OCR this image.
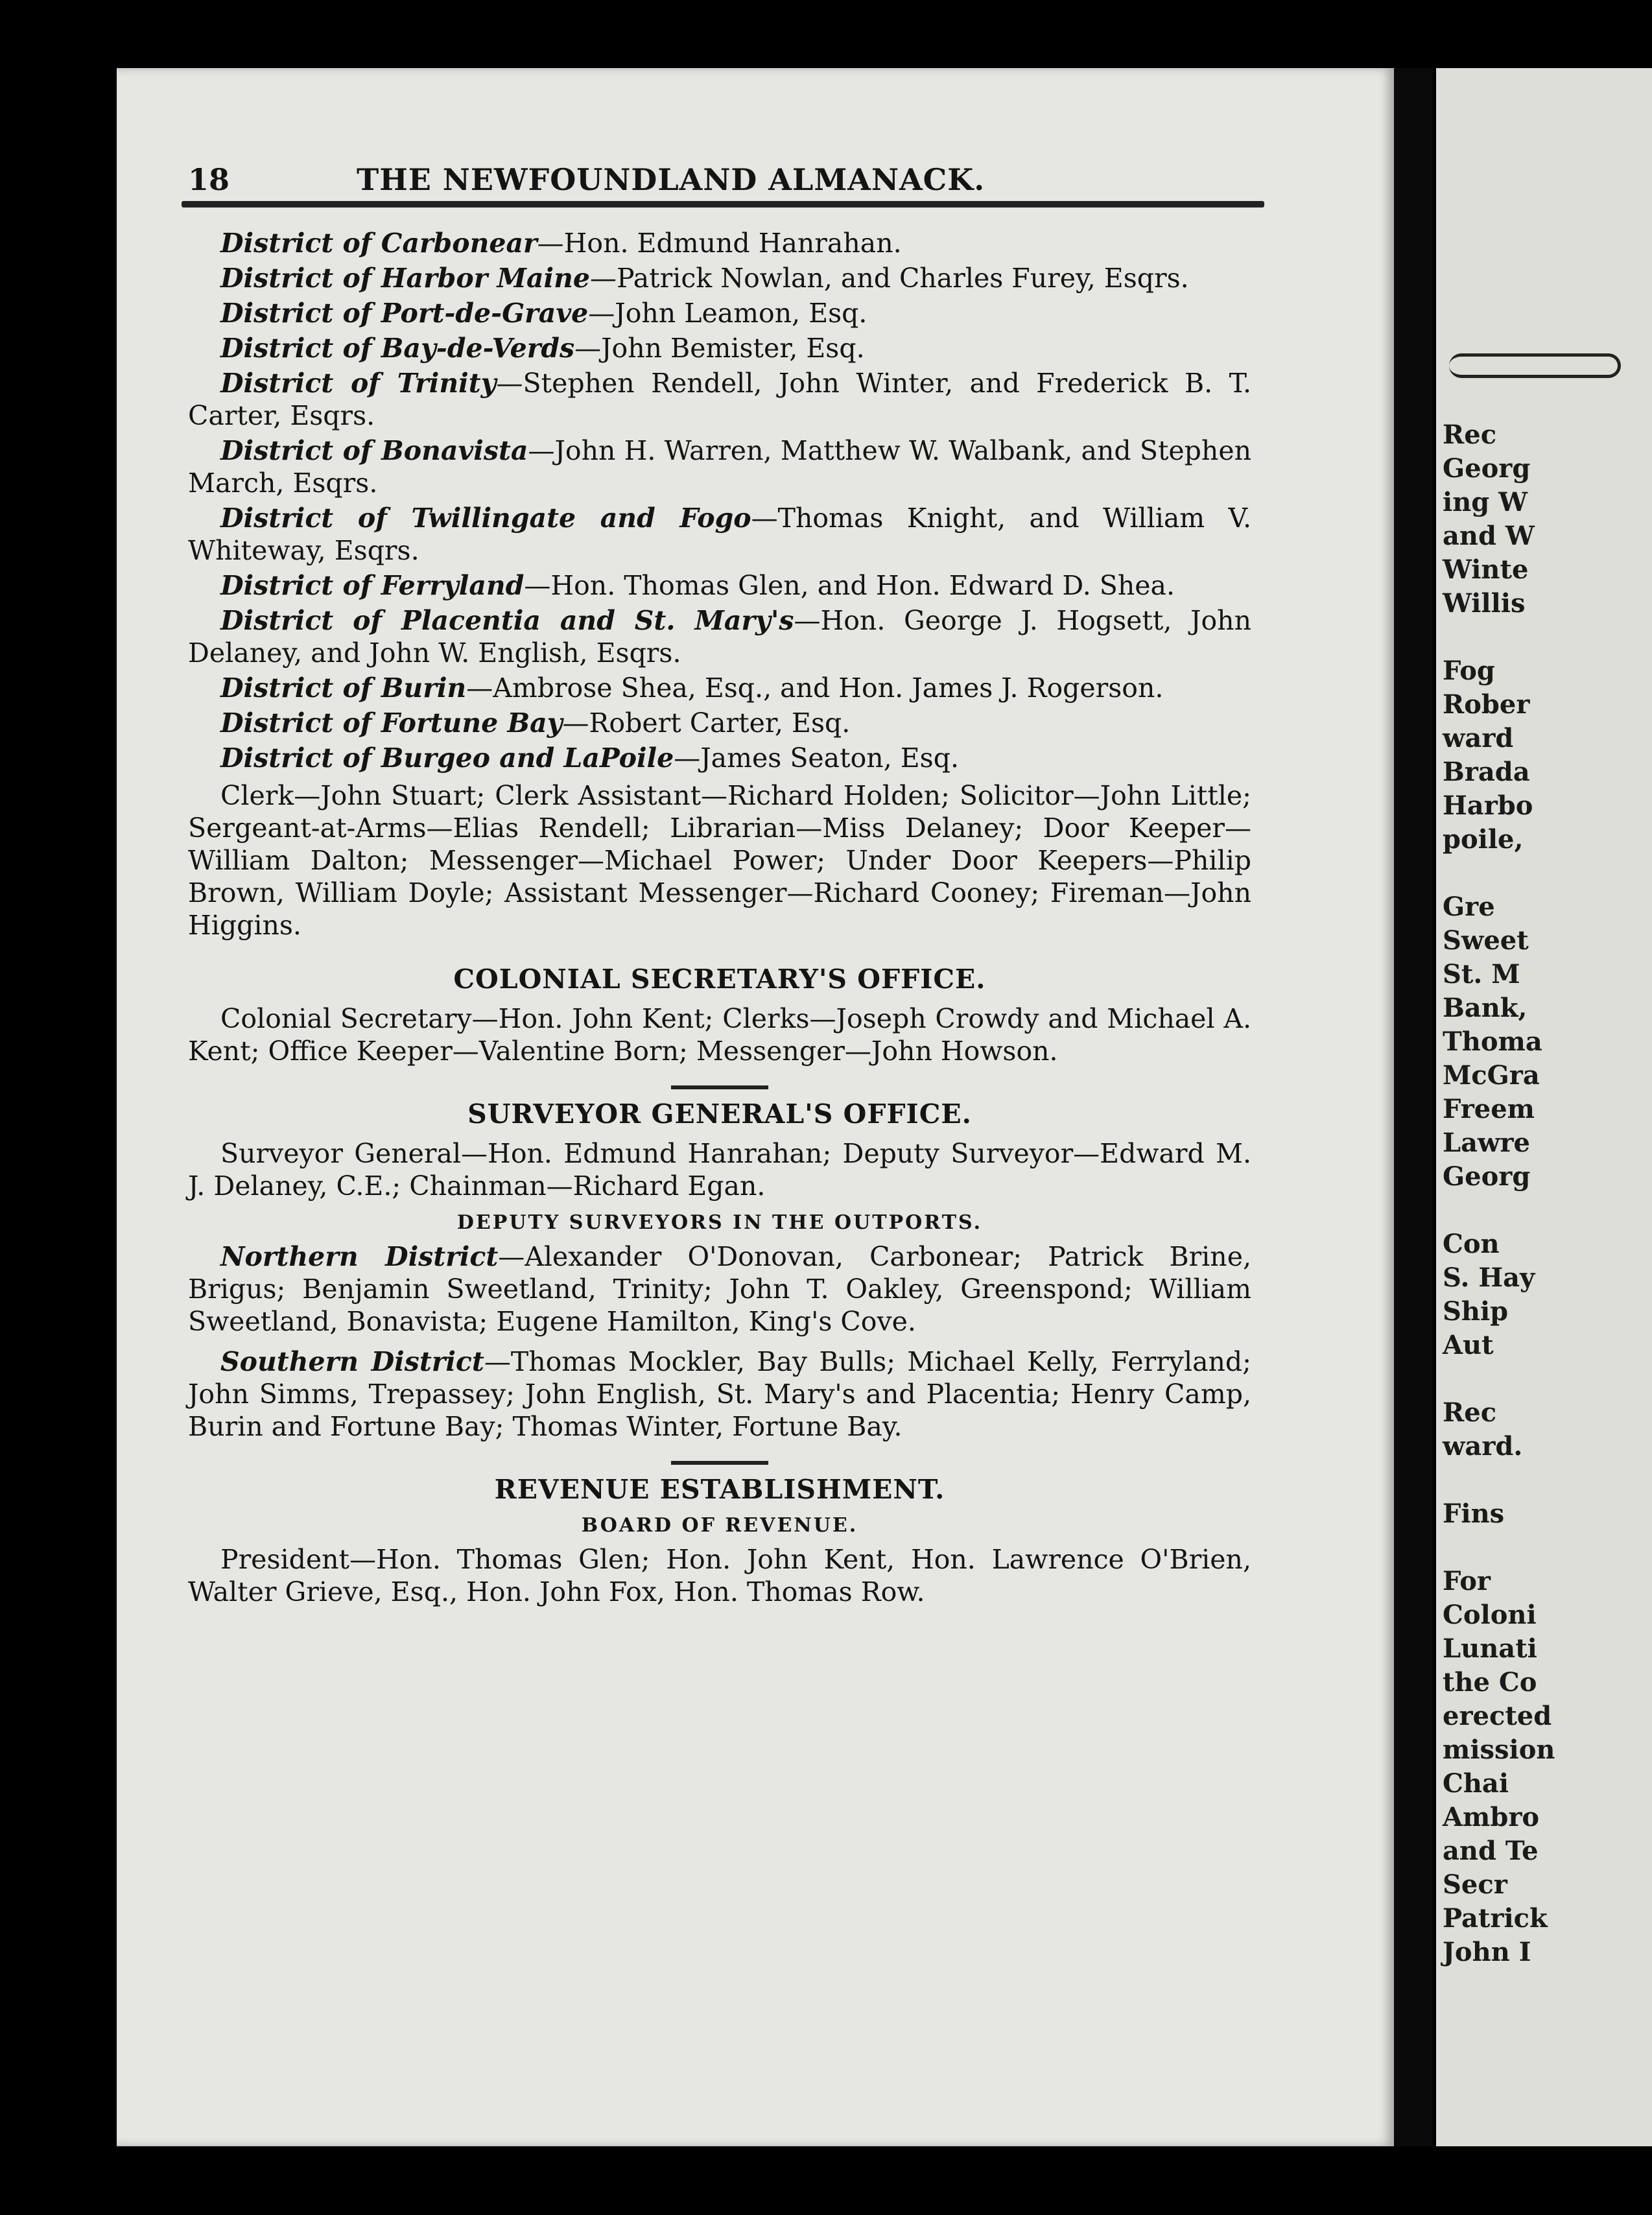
Rec
Georg
ing W
and W
Winte
Willis

Fog
Rober
ward
Brada
Harbo
poile,

Gre
Sweet
St. M
Bank,
Thoma
McGra
Freem
Lawre
Georg

Con
S. Hay
Ship
Aut

Rec
ward.

Fins

For
Coloni
Lunati
the Co
erected
mission
Chai
Ambro
and Te
Secr
Patrick
John I
18	THE NEWFOUNDLAND ALMANACK.

District of Carbonear—Hon. Edmund Hanrahan.

District of Harbor Maine—Patrick Nowlan, and Charles Furey, Esqrs.

District of Port-de-Grave—John Leamon, Esq.

District of Bay-de-Verds—John Bemister, Esq.

District of Trinity—Stephen Rendell, John Winter, and Frederick B. T. Carter, Esqrs.

District of Bonavista—John H. Warren, Matthew W. Walbank, and Stephen March, Esqrs.

District of Twillingate and Fogo—Thomas Knight, and William V. Whiteway, Esqrs.

District of Ferryland—Hon. Thomas Glen, and Hon. Edward D. Shea.

District of Placentia and St. Mary's—Hon. George J. Hogsett, John Delaney, and John W. English, Esqrs.

District of Burin—Ambrose Shea, Esq., and Hon. James J. Rogerson.

District of Fortune Bay—Robert Carter, Esq.

District of Burgeo and LaPoile—James Seaton, Esq.

Clerk—John Stuart; Clerk Assistant—Richard Holden; Solicitor—John Little; Sergeant-at-Arms—Elias Rendell; Librarian—Miss Delaney; Door Keeper—William Dalton; Messenger—Michael Power; Under Door Keepers—Philip Brown, William Doyle; Assistant Messenger—Richard Cooney; Fireman—John Higgins.

COLONIAL SECRETARY'S OFFICE.

Colonial Secretary—Hon. John Kent; Clerks—Joseph Crowdy and Michael A. Kent; Office Keeper—Valentine Born; Messenger—John Howson.

SURVEYOR GENERAL'S OFFICE.

Surveyor General—Hon. Edmund Hanrahan; Deputy Surveyor—Edward M. J. Delaney, C.E.; Chainman—Richard Egan.

DEPUTY SURVEYORS IN THE OUTPORTS.

Northern District—Alexander O'Donovan, Carbonear; Patrick Brine, Brigus; Benjamin Sweetland, Trinity; John T. Oakley, Greenspond; William Sweetland, Bonavista; Eugene Hamilton, King's Cove.

Southern District—Thomas Mockler, Bay Bulls; Michael Kelly, Ferryland; John Simms, Trepassey; John English, St. Mary's and Placentia; Henry Camp, Burin and Fortune Bay; Thomas Winter, Fortune Bay.

REVENUE ESTABLISHMENT.
BOARD OF REVENUE.

President—Hon. Thomas Glen; Hon. John Kent, Hon. Lawrence O'Brien, Walter Grieve, Esq., Hon. John Fox, Hon. Thomas Row.
